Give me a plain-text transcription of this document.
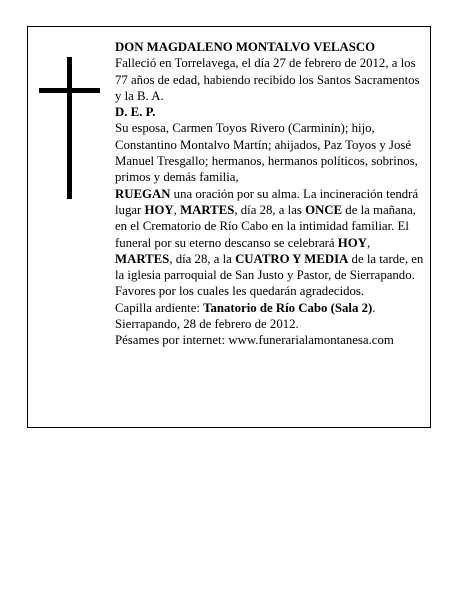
DON MAGDALENO MONTALVO VELASCO

Falleció en Torrelavega, el día 27 de febrero de 2012, a los 77 años de edad, habiendo recibido los Santos Sacramentos y la B. A.

D. E. P.

Su esposa, Carmen Toyos Rivero (Carminín); hijo, Constantino Montalvo Martín; ahijados, Paz Toyos y José Manuel Tresgallo; hermanos, hermanos políticos, sobrinos, primos y demás familia,

RUEGAN una oración por su alma. La incineración tendrá lugar HOY, MARTES, día 28, a las ONCE de la mañana, en el Crematorio de Río Cabo en la intimidad familiar. El funeral por su eterno descanso se celebrará HOY, MARTES, día 28, a la CUATRO Y MEDIA de la tarde, en la iglesia parroquial de San Justo y Pastor, de Sierrapando. Favores por los cuales les quedarán agradecidos.

Capilla ardiente: Tanatorio de Río Cabo (Sala 2).

Sierrapando, 28 de febrero de 2012.

Pésames por internet: www.funerarialamontanesa.com
